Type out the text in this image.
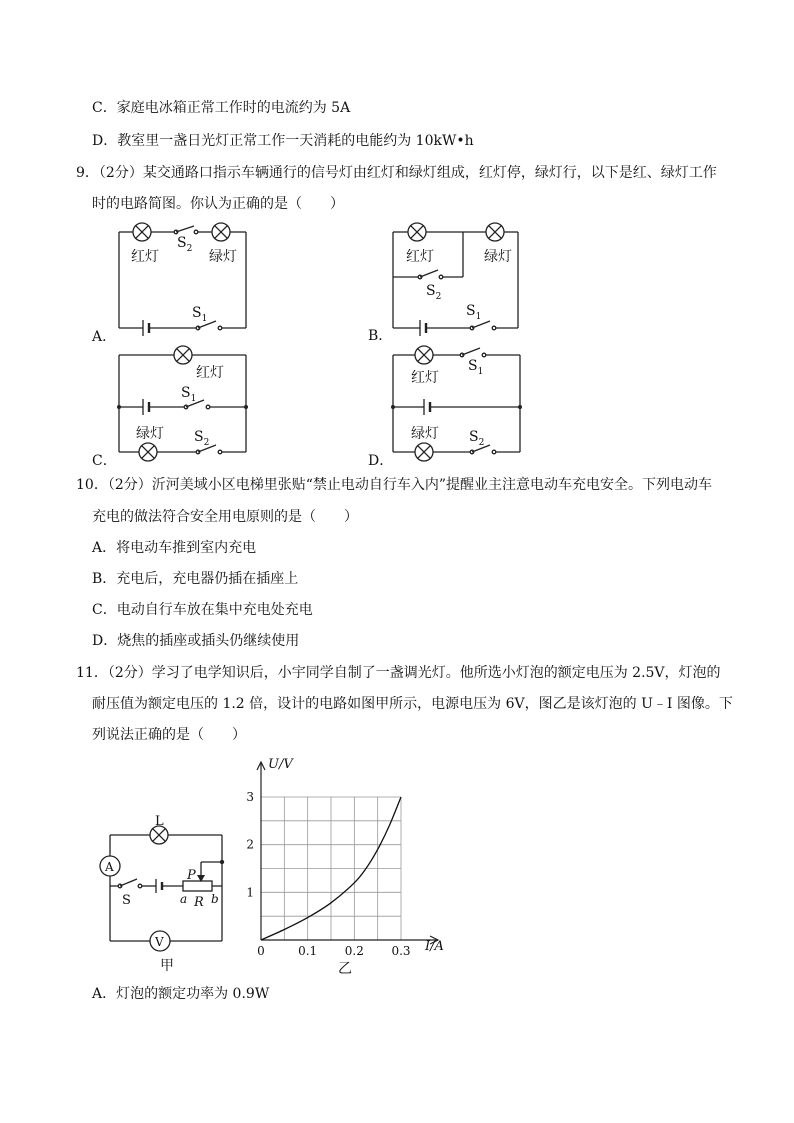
C．家庭电冰箱正常工作时的电流约为 5A
D．教室里一盏日光灯正常工作一天消耗的电能约为 10kW•h
9．（2分）某交通路口指示车辆通行的信号灯由红灯和绿灯组成，红灯停，绿灯行，以下是红、绿灯工作
时的电路简图。你认为正确的是（　　）
红灯	绿灯
$S_2$
$S_1$
红灯	绿灯
$S_2$
$S_1$
红灯
$S_1$
绿灯 $S_2$
红灯
$S_1$
绿灯 $S_2$
A．	B．
C．	D．
10．（2分）沂河美域小区电梯里张贴“禁止电动自行车入内”提醒业主注意电动车充电安全。下列电动车
充电的做法符合安全用电原则的是（　　）
A．将电动车推到室内充电
B．充电后，充电器仍插在插座上
C．电动自行车放在集中充电处充电
D．烧焦的插座或插头仍继续使用
11．（2分）学习了电学知识后，小宇同学自制了一盏调光灯。他所选小灯泡的额定电压为 2.5V，灯泡的
耐压值为额定电压的 1.2 倍，设计的电路如图甲所示，电源电压为 6V，图乙是该灯泡的 U﹣I 图像。下
列说法正确的是（　　）
L
A
V
S
P
R
a b
甲
0	0.1 0.2 0.3
1
2
3
U/V
I/A
乙
A．灯泡的额定功率为 0.9W
